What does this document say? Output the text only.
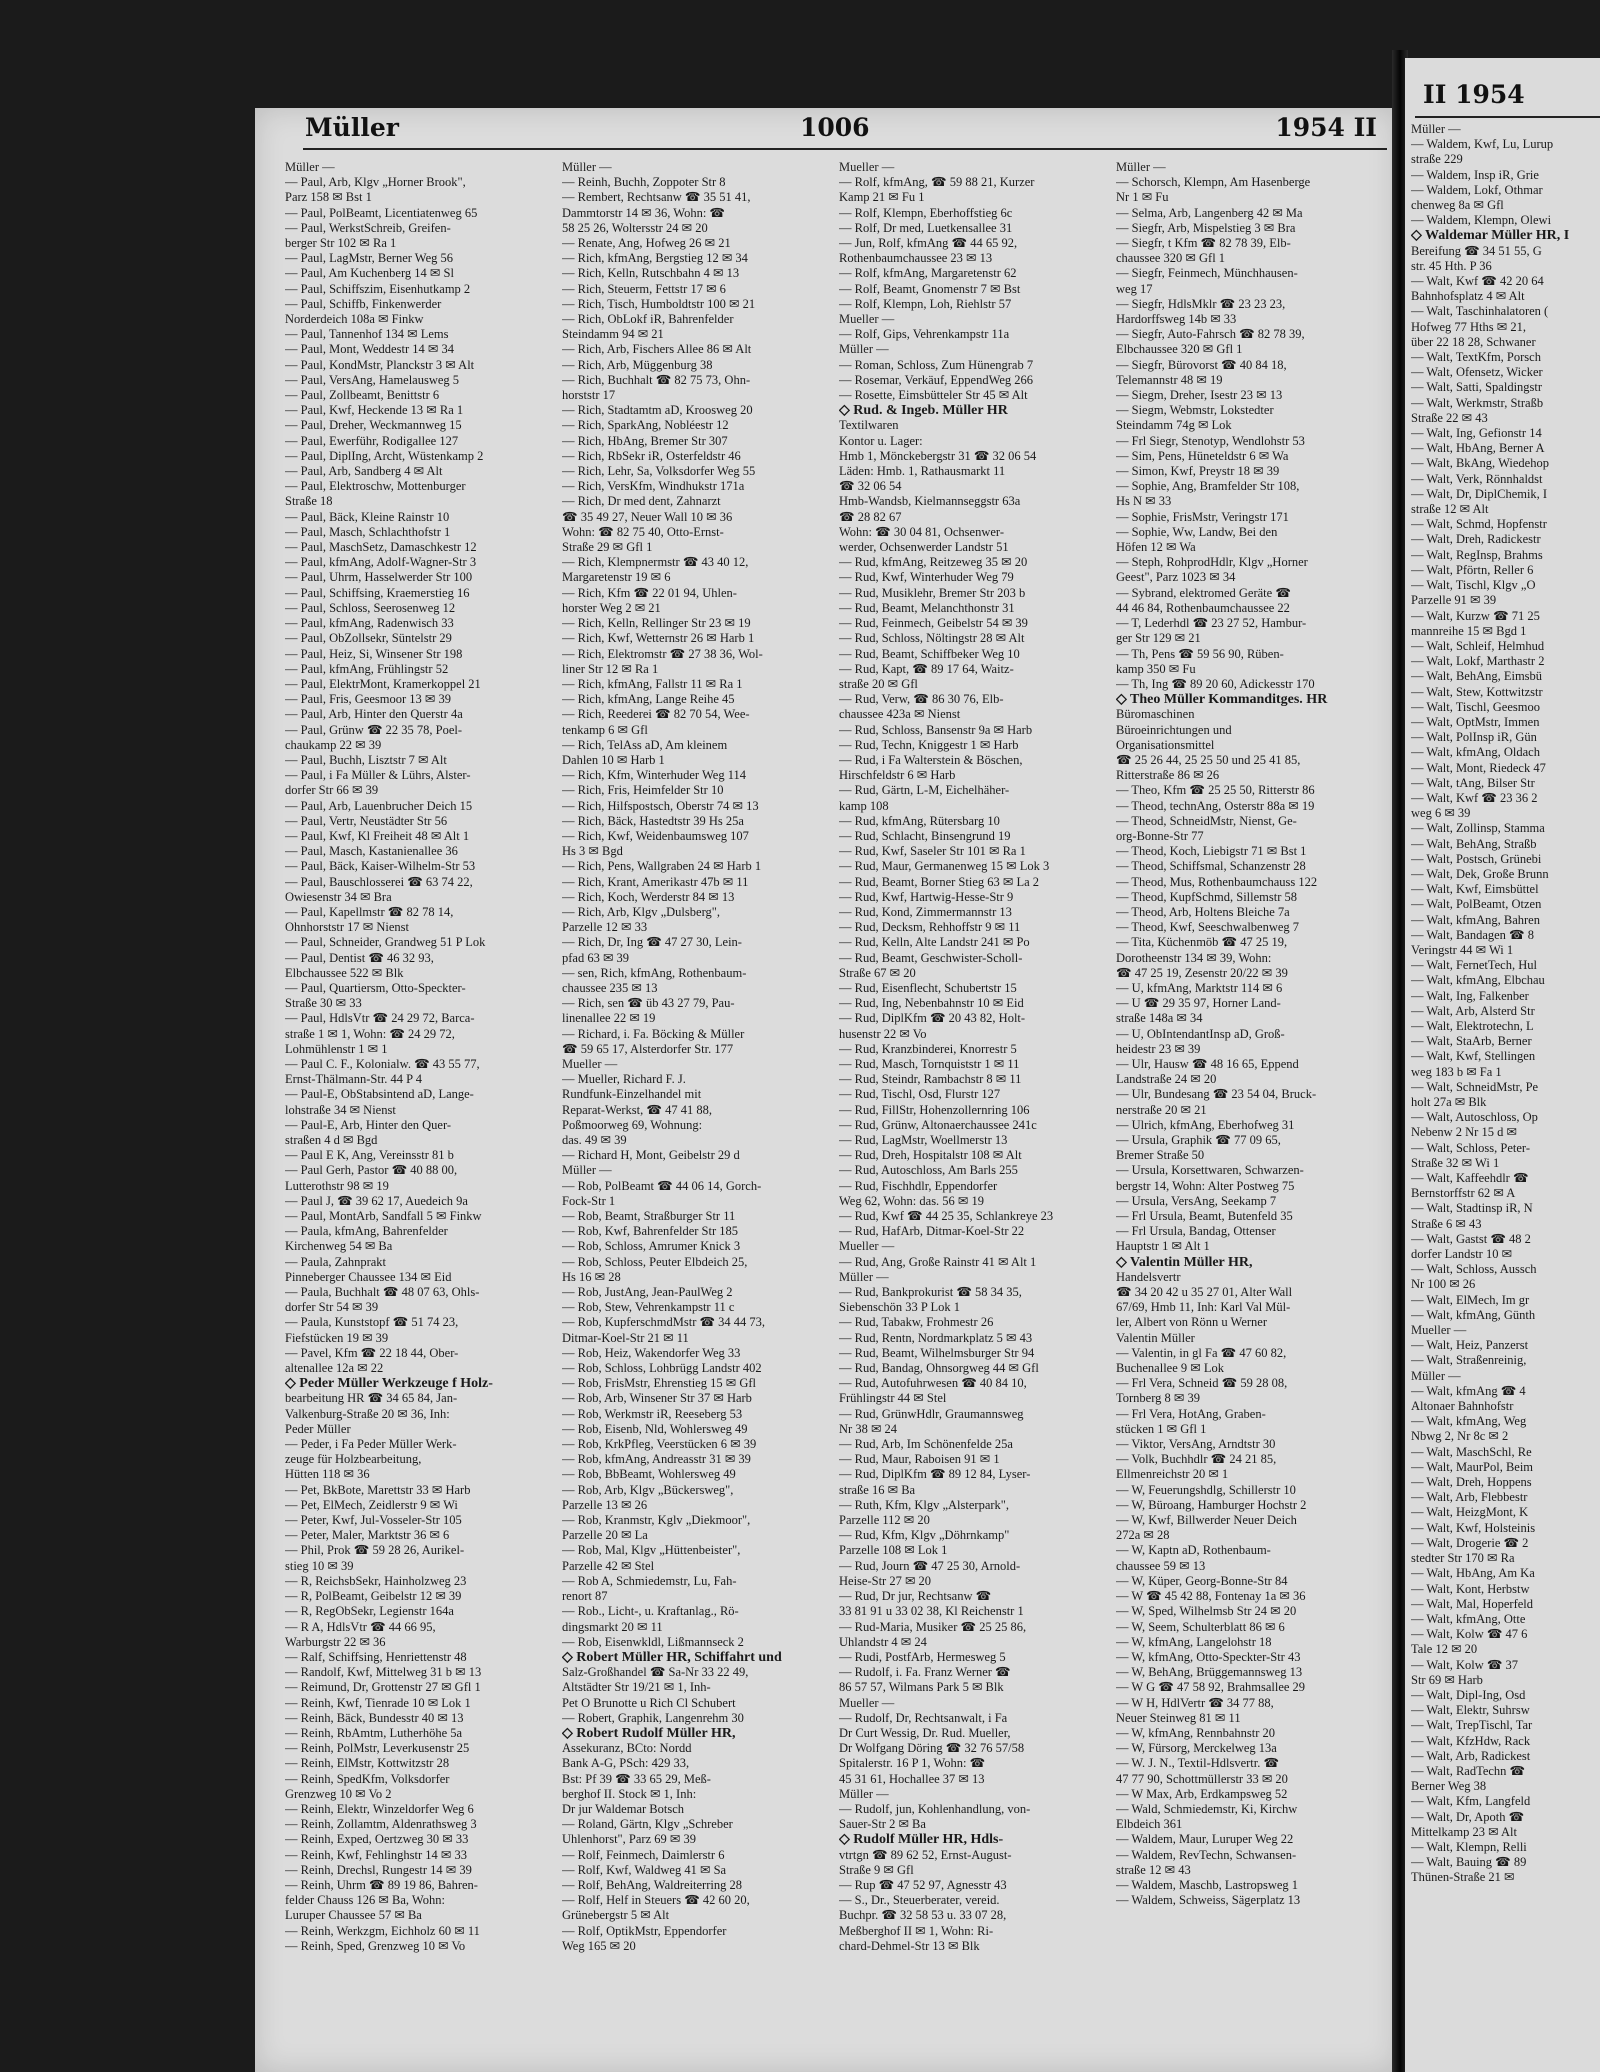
Müller	1006	1954 II
Müller —
— Paul, Arb, Klgv „Horner Brook",
Parz 158 ✉ Bst 1
— Paul, PolBeamt, Licentiatenweg 65
— Paul, WerkstSchreib, Greifen-
berger Str 102 ✉ Ra 1
— Paul, LagMstr, Berner Weg 56
— Paul, Am Kuchenberg 14 ✉ Sl
— Paul, Schiffszim, Eisenhutkamp 2
— Paul, Schiffb, Finkenwerder
Norderdeich 108a ✉ Finkw
— Paul, Tannenhof 134 ✉ Lems
— Paul, Mont, Weddestr 14 ✉ 34
— Paul, KondMstr, Planckstr 3 ✉ Alt
— Paul, VersAng, Hamelausweg 5
— Paul, Zollbeamt, Benittstr 6
— Paul, Kwf, Heckende 13 ✉ Ra 1
— Paul, Dreher, Weckmannweg 15
— Paul, Ewerführ, Rodigallee 127
— Paul, DiplIng, Archt, Wüstenkamp 2
— Paul, Arb, Sandberg 4 ✉ Alt
— Paul, Elektroschw, Mottenburger
Straße 18
— Paul, Bäck, Kleine Rainstr 10
— Paul, Masch, Schlachthofstr 1
— Paul, MaschSetz, Damaschkestr 12
— Paul, kfmAng, Adolf-Wagner-Str 3
— Paul, Uhrm, Hasselwerder Str 100
— Paul, Schiffsing, Kraemerstieg 16
— Paul, Schloss, Seerosenweg 12
— Paul, kfmAng, Radenwisch 33
— Paul, ObZollsekr, Süntelstr 29
— Paul, Heiz, Si, Winsener Str 198
— Paul, kfmAng, Frühlingstr 52
— Paul, ElektrMont, Kramerkoppel 21
— Paul, Fris, Geesmoor 13 ✉ 39
— Paul, Arb, Hinter den Querstr 4a
— Paul, Grünw ☎ 22 35 78, Poel-
chaukamp 22 ✉ 39
— Paul, Buchh, Lisztstr 7 ✉ Alt
— Paul, i Fa Müller & Lührs, Alster-
dorfer Str 66 ✉ 39
— Paul, Arb, Lauenbrucher Deich 15
— Paul, Vertr, Neustädter Str 56
— Paul, Kwf, Kl Freiheit 48 ✉ Alt 1
— Paul, Masch, Kastanienallee 36
— Paul, Bäck, Kaiser-Wilhelm-Str 53
— Paul, Bauschlosserei ☎ 63 74 22,
Owiesenstr 34 ✉ Bra
— Paul, Kapellmstr ☎ 82 78 14,
Ohnhorststr 17 ✉ Nienst
— Paul, Schneider, Grandweg 51 P Lok
— Paul, Dentist ☎ 46 32 93,
Elbchaussee 522 ✉ Blk
— Paul, Quartiersm, Otto-Speckter-
Straße 30 ✉ 33
— Paul, HdlsVtr ☎ 24 29 72, Barca-
straße 1 ✉ 1, Wohn: ☎ 24 29 72,
Lohmühlenstr 1 ✉ 1
— Paul C. F., Kolonialw. ☎ 43 55 77,
Ernst-Thälmann-Str. 44 P 4
— Paul-E, ObStabsintend aD, Lange-
lohstraße 34 ✉ Nienst
— Paul-E, Arb, Hinter den Quer-
straßen 4 d ✉ Bgd
— Paul E K, Ang, Vereinsstr 81 b
— Paul Gerh, Pastor ☎ 40 88 00,
Lutterothstr 98 ✉ 19
— Paul J, ☎ 39 62 17, Auedeich 9a
— Paul, MontArb, Sandfall 5 ✉ Finkw
— Paula, kfmAng, Bahrenfelder
Kirchenweg 54 ✉ Ba
— Paula, Zahnprakt
Pinneberger Chaussee 134 ✉ Eid
— Paula, Buchhalt ☎ 48 07 63, Ohls-
dorfer Str 54 ✉ 39
— Paula, Kunststopf ☎ 51 74 23,
Fiefstücken 19 ✉ 39
— Pavel, Kfm ☎ 22 18 44, Ober-
altenallee 12a ✉ 22
◇ Peder Müller Werkzeuge f Holz-
bearbeitung HR ☎ 34 65 84, Jan-
Valkenburg-Straße 20 ✉ 36, Inh:
Peder Müller
— Peder, i Fa Peder Müller Werk-
zeuge für Holzbearbeitung,
Hütten 118 ✉ 36
— Pet, BkBote, Marettstr 33 ✉ Harb
— Pet, ElMech, Zeidlerstr 9 ✉ Wi
— Peter, Kwf, Jul-Vosseler-Str 105
— Peter, Maler, Marktstr 36 ✉ 6
— Phil, Prok ☎ 59 28 26, Aurikel-
stieg 10 ✉ 39
— R, ReichsbSekr, Hainholzweg 23
— R, PolBeamt, Geibelstr 12 ✉ 39
— R, RegObSekr, Legienstr 164a
— R A, HdlsVtr ☎ 44 66 95,
Warburgstr 22 ✉ 36
— Ralf, Schiffsing, Henriettenstr 48
— Randolf, Kwf, Mittelweg 31 b ✉ 13
— Reimund, Dr, Grottenstr 27 ✉ Gfl 1
— Reinh, Kwf, Tienrade 10 ✉ Lok 1
— Reinh, Bäck, Bundesstr 40 ✉ 13
— Reinh, RbAmtm, Lutherhöhe 5a
— Reinh, PolMstr, Leverkusenstr 25
— Reinh, ElMstr, Kottwitzstr 28
— Reinh, SpedKfm, Volksdorfer
Grenzweg 10 ✉ Vo 2
— Reinh, Elektr, Winzeldorfer Weg 6
— Reinh, Zollamtm, Aldenrathsweg 3
— Reinh, Exped, Oertzweg 30 ✉ 33
— Reinh, Kwf, Fehlinghstr 14 ✉ 33
— Reinh, Drechsl, Rungestr 14 ✉ 39
— Reinh, Uhrm ☎ 89 19 86, Bahren-
felder Chauss 126 ✉ Ba, Wohn:
Luruper Chaussee 57 ✉ Ba
— Reinh, Werkzgm, Eichholz 60 ✉ 11
— Reinh, Sped, Grenzweg 10 ✉ Vo
Müller —
— Reinh, Buchh, Zoppoter Str 8
— Rembert, Rechtsanw ☎ 35 51 41,
Dammtorstr 14 ✉ 36, Wohn: ☎
58 25 26, Woltersstr 24 ✉ 20
— Renate, Ang, Hofweg 26 ✉ 21
— Rich, kfmAng, Bergstieg 12 ✉ 34
— Rich, Kelln, Rutschbahn 4 ✉ 13
— Rich, Steuerm, Fettstr 17 ✉ 6
— Rich, Tisch, Humboldtstr 100 ✉ 21
— Rich, ObLokf iR, Bahrenfelder
Steindamm 94 ✉ 21
— Rich, Arb, Fischers Allee 86 ✉ Alt
— Rich, Arb, Müggenburg 38
— Rich, Buchhalt ☎ 82 75 73, Ohn-
horststr 17
— Rich, Stadtamtm aD, Kroosweg 20
— Rich, SparkAng, Nobléestr 12
— Rich, HbAng, Bremer Str 307
— Rich, RbSekr iR, Osterfeldstr 46
— Rich, Lehr, Sa, Volksdorfer Weg 55
— Rich, VersKfm, Windhukstr 171a
— Rich, Dr med dent, Zahnarzt
☎ 35 49 27, Neuer Wall 10 ✉ 36
Wohn: ☎ 82 75 40, Otto-Ernst-
Straße 29 ✉ Gfl 1
— Rich, Klempnermstr ☎ 43 40 12,
Margaretenstr 19 ✉ 6
— Rich, Kfm ☎ 22 01 94, Uhlen-
horster Weg 2 ✉ 21
— Rich, Kelln, Rellinger Str 23 ✉ 19
— Rich, Kwf, Wetternstr 26 ✉ Harb 1
— Rich, Elektromstr ☎ 27 38 36, Wol-
liner Str 12 ✉ Ra 1
— Rich, kfmAng, Fallstr 11 ✉ Ra 1
— Rich, kfmAng, Lange Reihe 45
— Rich, Reederei ☎ 82 70 54, Wee-
tenkamp 6 ✉ Gfl
— Rich, TelAss aD, Am kleinem
Dahlen 10 ✉ Harb 1
— Rich, Kfm, Winterhuder Weg 114
— Rich, Fris, Heimfelder Str 10
— Rich, Hilfspostsch, Oberstr 74 ✉ 13
— Rich, Bäck, Hastedtstr 39 Hs 25a
— Rich, Kwf, Weidenbaumsweg 107
Hs 3 ✉ Bgd
— Rich, Pens, Wallgraben 24 ✉ Harb 1
— Rich, Krant, Amerikastr 47b ✉ 11
— Rich, Koch, Werderstr 84 ✉ 13
— Rich, Arb, Klgv „Dulsberg",
Parzelle 12 ✉ 33
— Rich, Dr, Ing ☎ 47 27 30, Lein-
pfad 63 ✉ 39
— sen, Rich, kfmAng, Rothenbaum-
chaussee 235 ✉ 13
— Rich, sen ☎ üb 43 27 79, Pau-
linenallee 22 ✉ 19
— Richard, i. Fa. Böcking & Müller
☎ 59 65 17, Alsterdorfer Str. 177
Mueller —
— Mueller, Richard F. J.
Rundfunk-Einzelhandel mit
Reparat-Werkst, ☎ 47 41 88,
Poßmoorweg 69, Wohnung:
das. 49 ✉ 39
— Richard H, Mont, Geibelstr 29 d
Müller —
— Rob, PolBeamt ☎ 44 06 14, Gorch-
Fock-Str 1
— Rob, Beamt, Straßburger Str 11
— Rob, Kwf, Bahrenfelder Str 185
— Rob, Schloss, Amrumer Knick 3
— Rob, Schloss, Peuter Elbdeich 25,
Hs 16 ✉ 28
— Rob, JustAng, Jean-PaulWeg 2
— Rob, Stew, Vehrenkampstr 11 c
— Rob, KupferschmdMstr ☎ 34 44 73,
Ditmar-Koel-Str 21 ✉ 11
— Rob, Heiz, Wakendorfer Weg 33
— Rob, Schloss, Lohbrügg Landstr 402
— Rob, FrisMstr, Ehrenstieg 15 ✉ Gfl
— Rob, Arb, Winsener Str 37 ✉ Harb
— Rob, Werkmstr iR, Reeseberg 53
— Rob, Eisenb, Nld, Wohlersweg 49
— Rob, KrkPfleg, Veerstücken 6 ✉ 39
— Rob, kfmAng, Andreasstr 31 ✉ 39
— Rob, BbBeamt, Wohlersweg 49
— Rob, Arb, Klgv „Bückersweg",
Parzelle 13 ✉ 26
— Rob, Kranmstr, Kglv „Diekmoor",
Parzelle 20 ✉ La
— Rob, Mal, Klgv „Hüttenbeister",
Parzelle 42 ✉ Stel
— Rob A, Schmiedemstr, Lu, Fah-
renort 87
— Rob., Licht-, u. Kraftanlag., Rö-
dingsmarkt 20 ✉ 11
— Rob, Eisenwkldl, Lißmannseck 2
◇ Robert Müller HR, Schiffahrt und
Salz-Großhandel ☎ Sa-Nr 33 22 49,
Altstädter Str 19/21 ✉ 1, Inh-
Pet O Brunotte u Rich Cl Schubert
— Robert, Graphik, Langenrehm 30
◇ Robert Rudolf Müller HR,
Assekuranz, BCto: Nordd
Bank A-G, PSch: 429 33,
Bst: Pf 39 ☎ 33 65 29, Meß-
berghof II. Stock ✉ 1, Inh:
Dr jur Waldemar Botsch
— Roland, Gärtn, Klgv „Schreber
Uhlenhorst", Parz 69 ✉ 39
— Rolf, Feinmech, Daimlerstr 6
— Rolf, Kwf, Waldweg 41 ✉ Sa
— Rolf, BehAng, Waldreiterring 28
— Rolf, Helf in Steuers ☎ 42 60 20,
Grünebergstr 5 ✉ Alt
— Rolf, OptikMstr, Eppendorfer
Weg 165 ✉ 20
Mueller —
— Rolf, kfmAng, ☎ 59 88 21, Kurzer
Kamp 21 ✉ Fu 1
— Rolf, Klempn, Eberhoffstieg 6c
— Rolf, Dr med, Luetkensallee 31
— Jun, Rolf, kfmAng ☎ 44 65 92,
Rothenbaumchaussee 23 ✉ 13
— Rolf, kfmAng, Margaretenstr 62
— Rolf, Beamt, Gnomenstr 7 ✉ Bst
— Rolf, Klempn, Loh, Riehlstr 57
Mueller —
— Rolf, Gips, Vehrenkampstr 11a
Müller —
— Roman, Schloss, Zum Hünengrab 7
— Rosemar, Verkäuf, EppendWeg 266
— Rosette, Eimsbütteler Str 45 ✉ Alt
◇ Rud. & Ingeb. Müller HR
Textilwaren
Kontor u. Lager:
Hmb 1, Mönckebergstr 31 ☎ 32 06 54
Läden: Hmb. 1, Rathausmarkt 11
☎ 32 06 54
Hmb-Wandsb, Kielmannseggstr 63a
☎ 28 82 67
Wohn: ☎ 30 04 81, Ochsenwer-
werder, Ochsenwerder Landstr 51
— Rud, kfmAng, Reitzeweg 35 ✉ 20
— Rud, Kwf, Winterhuder Weg 79
— Rud, Musiklehr, Bremer Str 203 b
— Rud, Beamt, Melanchthonstr 31
— Rud, Feinmech, Geibelstr 54 ✉ 39
— Rud, Schloss, Nöltingstr 28 ✉ Alt
— Rud, Beamt, Schiffbeker Weg 10
— Rud, Kapt, ☎ 89 17 64, Waitz-
straße 20 ✉ Gfl
— Rud, Verw, ☎ 86 30 76, Elb-
chaussee 423a ✉ Nienst
— Rud, Schloss, Bansenstr 9a ✉ Harb
— Rud, Techn, Kniggestr 1 ✉ Harb
— Rud, i Fa Walterstein & Böschen,
Hirschfeldstr 6 ✉ Harb
— Rud, Gärtn, L-M, Eichelhäher-
kamp 108
— Rud, kfmAng, Rütersbarg 10
— Rud, Schlacht, Binsengrund 19
— Rud, Kwf, Saseler Str 101 ✉ Ra 1
— Rud, Maur, Germanenweg 15 ✉ Lok 3
— Rud, Beamt, Borner Stieg 63 ✉ La 2
— Rud, Kwf, Hartwig-Hesse-Str 9
— Rud, Kond, Zimmermannstr 13
— Rud, Decksm, Rehhoffstr 9 ✉ 11
— Rud, Kelln, Alte Landstr 241 ✉ Po
— Rud, Beamt, Geschwister-Scholl-
Straße 67 ✉ 20
— Rud, Eisenflecht, Schubertstr 15
— Rud, Ing, Nebenbahnstr 10 ✉ Eid
— Rud, DiplKfm ☎ 20 43 82, Holt-
husenstr 22 ✉ Vo
— Rud, Kranzbinderei, Knorrestr 5
— Rud, Masch, Tornquiststr 1 ✉ 11
— Rud, Steindr, Rambachstr 8 ✉ 11
— Rud, Tischl, Osd, Flurstr 127
— Rud, FillStr, Hohenzollernring 106
— Rud, Grünw, Altonaerchaussee 241c
— Rud, LagMstr, Woellmerstr 13
— Rud, Dreh, Hospitalstr 108 ✉ Alt
— Rud, Autoschloss, Am Barls 255
— Rud, Fischhdlr, Eppendorfer
Weg 62, Wohn: das. 56 ✉ 19
— Rud, Kwf ☎ 44 25 35, Schlankreye 23
— Rud, HafArb, Ditmar-Koel-Str 22
Mueller —
— Rud, Ang, Große Rainstr 41 ✉ Alt 1
Müller —
— Rud, Bankprokurist ☎ 58 34 35,
Siebenschön 33 P Lok 1
— Rud, Tabakw, Frohmestr 26
— Rud, Rentn, Nordmarkplatz 5 ✉ 43
— Rud, Beamt, Wilhelmsburger Str 94
— Rud, Bandag, Ohnsorgweg 44 ✉ Gfl
— Rud, Autofuhrwesen ☎ 40 84 10,
Frühlingstr 44 ✉ Stel
— Rud, GrünwHdlr, Graumannsweg
Nr 38 ✉ 24
— Rud, Arb, Im Schönenfelde 25a
— Rud, Maur, Raboisen 91 ✉ 1
— Rud, DiplKfm ☎ 89 12 84, Lyser-
straße 16 ✉ Ba
— Ruth, Kfm, Klgv „Alsterpark",
Parzelle 112 ✉ 20
— Rud, Kfm, Klgv „Döhrnkamp"
Parzelle 108 ✉ Lok 1
— Rud, Journ ☎ 47 25 30, Arnold-
Heise-Str 27 ✉ 20
— Rud, Dr jur, Rechtsanw ☎
33 81 91 u 33 02 38, Kl Reichenstr 1
— Rud-Maria, Musiker ☎ 25 25 86,
Uhlandstr 4 ✉ 24
— Rudi, PostfArb, Hermesweg 5
— Rudolf, i. Fa. Franz Werner ☎
86 57 57, Wilmans Park 5 ✉ Blk
Mueller —
— Rudolf, Dr, Rechtsanwalt, i Fa
Dr Curt Wessig, Dr. Rud. Mueller,
Dr Wolfgang Döring ☎ 32 76 57/58
Spitalerstr. 16 P 1, Wohn: ☎
45 31 61, Hochallee 37 ✉ 13
Müller —
— Rudolf, jun, Kohlenhandlung, von-
Sauer-Str 2 ✉ Ba
◇ Rudolf Müller HR, Hdls-
vtrtgn ☎ 89 62 52, Ernst-August-
Straße 9 ✉ Gfl
— Rup ☎ 47 52 97, Agnesstr 43
— S., Dr., Steuerberater, vereid.
Buchpr. ☎ 32 58 53 u. 33 07 28,
Meßberghof II ✉ 1, Wohn: Ri-
chard-Dehmel-Str 13 ✉ Blk
Müller —
— Schorsch, Klempn, Am Hasenberge
Nr 1 ✉ Fu
— Selma, Arb, Langenberg 42 ✉ Ma
— Siegfr, Arb, Mispelstieg 3 ✉ Bra
— Siegfr, t Kfm ☎ 82 78 39, Elb-
chaussee 320 ✉ Gfl 1
— Siegfr, Feinmech, Münchhausen-
weg 17
— Siegfr, HdlsMklr ☎ 23 23 23,
Hardorffsweg 14b ✉ 33
— Siegfr, Auto-Fahrsch ☎ 82 78 39,
Elbchaussee 320 ✉ Gfl 1
— Siegfr, Bürovorst ☎ 40 84 18,
Telemannstr 48 ✉ 19
— Siegm, Dreher, Isestr 23 ✉ 13
— Siegm, Webmstr, Lokstedter
Steindamm 74g ✉ Lok
— Frl Siegr, Stenotyp, Wendlohstr 53
— Sim, Pens, Hüneteldstr 6 ✉ Wa
— Simon, Kwf, Preystr 18 ✉ 39
— Sophie, Ang, Bramfelder Str 108,
Hs N ✉ 33
— Sophie, FrisMstr, Veringstr 171
— Sophie, Ww, Landw, Bei den
Höfen 12 ✉ Wa
— Steph, RohprodHdlr, Klgv „Horner
Geest", Parz 1023 ✉ 34
— Sybrand, elektromed Geräte ☎
44 46 84, Rothenbaumchaussee 22
— T, Lederhdl ☎ 23 27 52, Hambur-
ger Str 129 ✉ 21
— Th, Pens ☎ 59 56 90, Rüben-
kamp 350 ✉ Fu
— Th, Ing ☎ 89 20 60, Adickesstr 170
◇ Theo Müller Kommanditges. HR
Büromaschinen
Büroeinrichtungen und
Organisationsmittel
☎ 25 26 44, 25 25 50 und 25 41 85,
Ritterstraße 86 ✉ 26
— Theo, Kfm ☎ 25 25 50, Ritterstr 86
— Theod, technAng, Osterstr 88a ✉ 19
— Theod, SchneidMstr, Nienst, Ge-
org-Bonne-Str 77
— Theod, Koch, Liebigstr 71 ✉ Bst 1
— Theod, Schiffsmal, Schanzenstr 28
— Theod, Mus, Rothenbaumchauss 122
— Theod, KupfSchmd, Sillemstr 58
— Theod, Arb, Holtens Bleiche 7a
— Theod, Kwf, Seeschwalbenweg 7
— Tita, Küchenmöb ☎ 47 25 19,
Dorotheenstr 134 ✉ 39, Wohn:
☎ 47 25 19, Zesenstr 20/22 ✉ 39
— U, kfmAng, Marktstr 114 ✉ 6
— U ☎ 29 35 97, Horner Land-
straße 148a ✉ 34
— U, ObIntendantInsp aD, Groß-
heidestr 23 ✉ 39
— Ulr, Hausw ☎ 48 16 65, Eppend
Landstraße 24 ✉ 20
— Ulr, Bundesang ☎ 23 54 04, Bruck-
nerstraße 20 ✉ 21
— Ulrich, kfmAng, Eberhofweg 31
— Ursula, Graphik ☎ 77 09 65,
Bremer Straße 50
— Ursula, Korsettwaren, Schwarzen-
bergstr 14, Wohn: Alter Postweg 75
— Ursula, VersAng, Seekamp 7
— Frl Ursula, Beamt, Butenfeld 35
— Frl Ursula, Bandag, Ottenser
Hauptstr 1 ✉ Alt 1
◇ Valentin Müller HR,
Handelsvertr
☎ 34 20 42 u 35 27 01, Alter Wall
67/69, Hmb 11, Inh: Karl Val Mül-
ler, Albert von Rönn u Werner
Valentin Müller
— Valentin, in gl Fa ☎ 47 60 82,
Buchenallee 9 ✉ Lok
— Frl Vera, Schneid ☎ 59 28 08,
Tornberg 8 ✉ 39
— Frl Vera, HotAng, Graben-
stücken 1 ✉ Gfl 1
— Viktor, VersAng, Arndtstr 30
— Volk, Buchhdlr ☎ 24 21 85,
Ellmenreichstr 20 ✉ 1
— W, Feuerungshdlg, Schillerstr 10
— W, Büroang, Hamburger Hochstr 2
— W, Kwf, Billwerder Neuer Deich
272a ✉ 28
— W, Kaptn aD, Rothenbaum-
chaussee 59 ✉ 13
— W, Küper, Georg-Bonne-Str 84
— W ☎ 45 42 88, Fontenay 1a ✉ 36
— W, Sped, Wilhelmsb Str 24 ✉ 20
— W, Seem, Schulterblatt 86 ✉ 6
— W, kfmAng, Langelohstr 18
— W, kfmAng, Otto-Speckter-Str 43
— W, BehAng, Brüggemannsweg 13
— W G ☎ 47 58 92, Brahmsallee 29
— W H, HdlVertr ☎ 34 77 88,
Neuer Steinweg 81 ✉ 11
— W, kfmAng, Rennbahnstr 20
— W, Fürsorg, Merckelweg 13a
— W. J. N., Textil-Hdlsvertr. ☎
47 77 90, Schottmüllerstr 33 ✉ 20
— W Max, Arb, Erdkampsweg 52
— Wald, Schmiedemstr, Ki, Kirchw
Elbdeich 361
— Waldem, Maur, Luruper Weg 22
— Waldem, RevTechn, Schwansen-
straße 12 ✉ 43
— Waldem, Maschb, Lastropsweg 1
— Waldem, Schweiss, Sägerplatz 13
II 1954
Müller —
— Waldem, Kwf, Lu, Lurup
straße 229
— Waldem, Insp iR, Grie
— Waldem, Lokf, Othmar
chenweg 8a ✉ Gfl
— Waldem, Klempn, Olewi
◇ Waldemar Müller HR, I
Bereifung ☎ 34 51 55, G
str. 45 Hth. P 36
— Walt, Kwf ☎ 42 20 64
Bahnhofsplatz 4 ✉ Alt
— Walt, Taschinhalatoren (
Hofweg 77 Hths ✉ 21,
über 22 18 28, Schwaner
— Walt, TextKfm, Porsch
— Walt, Ofensetz, Wicker
— Walt, Satti, Spaldingstr
— Walt, Werkmstr, Straßb
Straße 22 ✉ 43
— Walt, Ing, Gefionstr 14
— Walt, HbAng, Berner A
— Walt, BkAng, Wiedehop
— Walt, Verk, Rönnhaldst
— Walt, Dr, DiplChemik, I
straße 12 ✉ Alt
— Walt, Schmd, Hopfenstr
— Walt, Dreh, Radickestr
— Walt, RegInsp, Brahms
— Walt, Pförtn, Reller 6
— Walt, Tischl, Klgv „O
Parzelle 91 ✉ 39
— Walt, Kurzw ☎ 71 25
mannreihe 15 ✉ Bgd 1
— Walt, Schleif, Helmhud
— Walt, Lokf, Marthastr 2
— Walt, BehAng, Eimsbü
— Walt, Stew, Kottwitzstr
— Walt, Tischl, Geesmoo
— Walt, OptMstr, Immen
— Walt, PolInsp iR, Gün
— Walt, kfmAng, Oldach
— Walt, Mont, Riedeck 47
— Walt, tAng, Bilser Str
— Walt, Kwf ☎ 23 36 2
weg 6 ✉ 39
— Walt, Zollinsp, Stamma
— Walt, BehAng, Straßb
— Walt, Postsch, Grünebi
— Walt, Dek, Große Brunn
— Walt, Kwf, Eimsbüttel
— Walt, PolBeamt, Otzen
— Walt, kfmAng, Bahren
— Walt, Bandagen ☎ 8
Veringstr 44 ✉ Wi 1
— Walt, FernetTech, Hul
— Walt, kfmAng, Elbchau
— Walt, Ing, Falkenber
— Walt, Arb, Alsterd Str
— Walt, Elektrotechn, L
— Walt, StaArb, Berner
— Walt, Kwf, Stellingen
weg 183 b ✉ Fa 1
— Walt, SchneidMstr, Pe
holt 27a ✉ Blk
— Walt, Autoschloss, Op
Nebenw 2 Nr 15 d ✉
— Walt, Schloss, Peter-
Straße 32 ✉ Wi 1
— Walt, Kaffeehdlr ☎
Bernstorffstr 62 ✉ A
— Walt, Stadtinsp iR, N
Straße 6 ✉ 43
— Walt, Gastst ☎ 48 2
dorfer Landstr 10 ✉
— Walt, Schloss, Aussch
Nr 100 ✉ 26
— Walt, ElMech, Im gr
— Walt, kfmAng, Günth
Mueller —
— Walt, Heiz, Panzerst
— Walt, Straßenreinig,
Müller —
— Walt, kfmAng ☎ 4
Altonaer Bahnhofstr
— Walt, kfmAng, Weg
Nbwg 2, Nr 8c ✉ 2
— Walt, MaschSchl, Re
— Walt, MaurPol, Beim
— Walt, Dreh, Hoppens
— Walt, Arb, Flebbestr
— Walt, HeizgMont, K
— Walt, Kwf, Holsteinis
— Walt, Drogerie ☎ 2
stedter Str 170 ✉ Ra
— Walt, HbAng, Am Ka
— Walt, Kont, Herbstw
— Walt, Mal, Hoperfeld
— Walt, kfmAng, Otte
— Walt, Kolw ☎ 47 6
Tale 12 ✉ 20
— Walt, Kolw ☎ 37
Str 69 ✉ Harb
— Walt, Dipl-Ing, Osd
— Walt, Elektr, Suhrsw
— Walt, TrepTischl, Tar
— Walt, KfzHdw, Rack
— Walt, Arb, Radickest
— Walt, RadTechn ☎
Berner Weg 38
— Walt, Kfm, Langfeld
— Walt, Dr, Apoth ☎
Mittelkamp 23 ✉ Alt
— Walt, Klempn, Relli
— Walt, Bauing ☎ 89
Thünen-Straße 21 ✉
